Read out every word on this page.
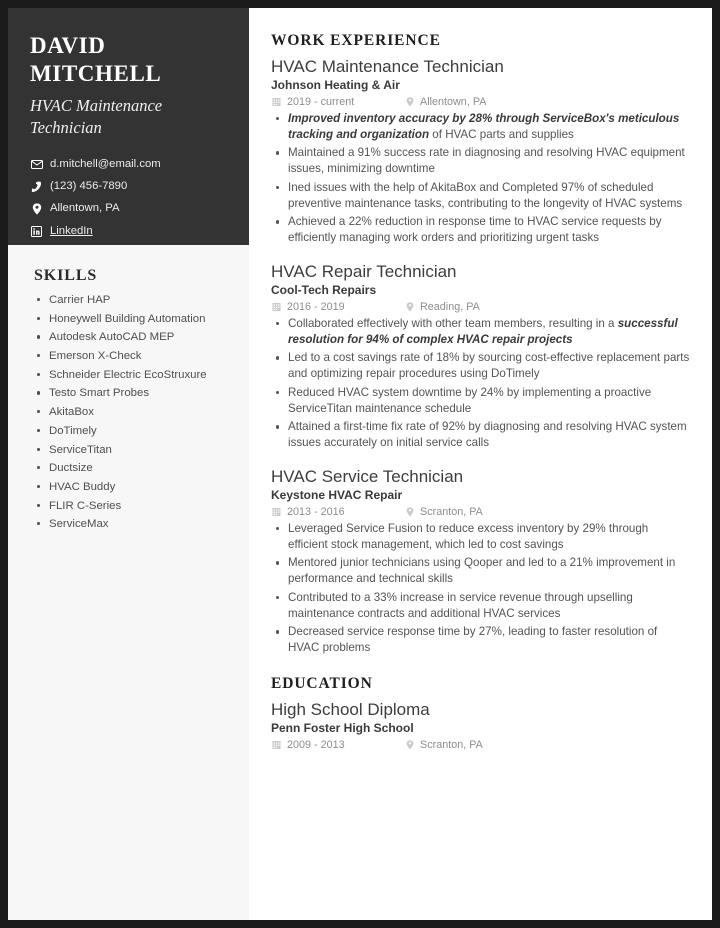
DAVID
MITCHELL
HVAC Maintenance Technician
d.mitchell@email.com
(123) 456-7890
Allentown, PA
LinkedIn
SKILLS
Carrier HAP
Honeywell Building Automation
Autodesk AutoCAD MEP
Emerson X-Check
Schneider Electric EcoStruxure
Testo Smart Probes
AkitaBox
DoTimely
ServiceTitan
Ductsize
HVAC Buddy
FLIR C-Series
ServiceMax
WORK EXPERIENCE
HVAC Maintenance Technician
Johnson Heating & Air
2019 - current	Allentown, PA
Improved inventory accuracy by 28% through ServiceBox's meticulous tracking and organization of HVAC parts and supplies
Maintained a 91% success rate in diagnosing and resolving HVAC equipment issues, minimizing downtime
Ined issues with the help of AkitaBox and Completed 97% of scheduled preventive maintenance tasks, contributing to the longevity of HVAC systems
Achieved a 22% reduction in response time to HVAC service requests by efficiently managing work orders and prioritizing urgent tasks
HVAC Repair Technician
Cool-Tech Repairs
2016 - 2019	Reading, PA
Collaborated effectively with other team members, resulting in a successful resolution for 94% of complex HVAC repair projects
Led to a cost savings rate of 18% by sourcing cost-effective replacement parts and optimizing repair procedures using DoTimely
Reduced HVAC system downtime by 24% by implementing a proactive ServiceTitan maintenance schedule
Attained a first-time fix rate of 92% by diagnosing and resolving HVAC system issues accurately on initial service calls
HVAC Service Technician
Keystone HVAC Repair
2013 - 2016	Scranton, PA
Leveraged Service Fusion to reduce excess inventory by 29% through efficient stock management, which led to cost savings
Mentored junior technicians using Qooper and led to a 21% improvement in performance and technical skills
Contributed to a 33% increase in service revenue through upselling maintenance contracts and additional HVAC services
Decreased service response time by 27%, leading to faster resolution of HVAC problems
EDUCATION
High School Diploma
Penn Foster High School
2009 - 2013	Scranton, PA
